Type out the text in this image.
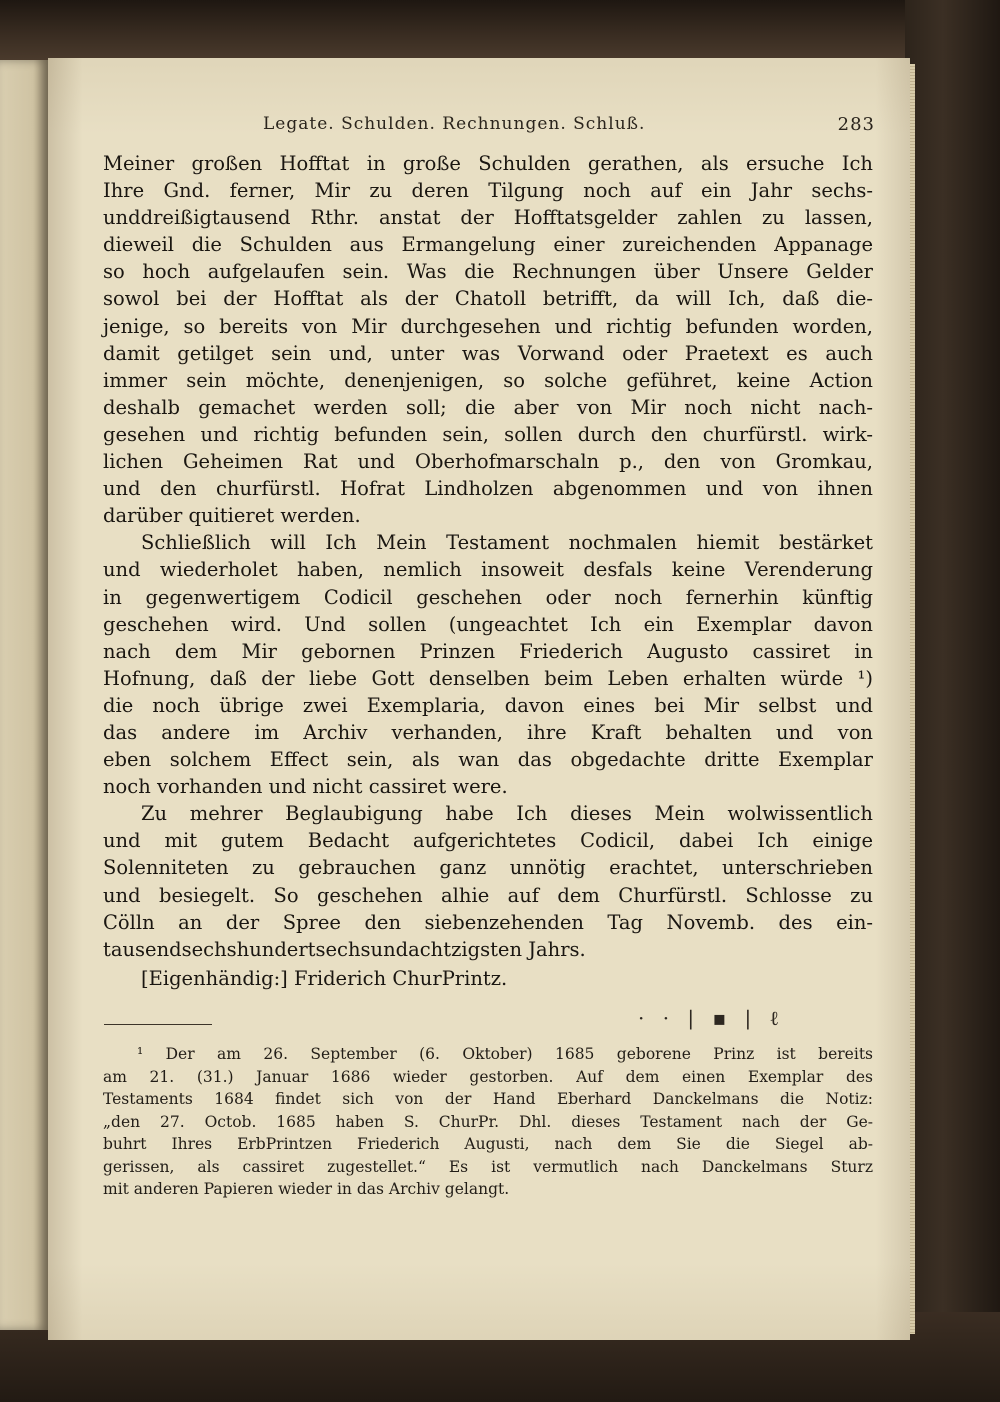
Legate. Schulden. Rechnungen. Schluß.	283
Meiner großen Hofftat in große Schulden gerathen, als ersuche Ich
Ihre Gnd. ferner, Mir zu deren Tilgung noch auf ein Jahr sechs-
unddreißigtausend Rthr. anstat der Hofftatsgelder zahlen zu lassen,
dieweil die Schulden aus Ermangelung einer zureichenden Appanage
so hoch aufgelaufen sein. Was die Rechnungen über Unsere Gelder
sowol bei der Hofftat als der Chatoll betrifft, da will Ich, daß die-
jenige, so bereits von Mir durchgesehen und richtig befunden worden,
damit getilget sein und, unter was Vorwand oder Praetext es auch
immer sein möchte, denenjenigen, so solche geführet, keine Action
deshalb gemachet werden soll; die aber von Mir noch nicht nach-
gesehen und richtig befunden sein, sollen durch den churfürstl. wirk-
lichen Geheimen Rat und Oberhofmarschaln p., den von Gromkau,
und den churfürstl. Hofrat Lindholzen abgenommen und von ihnen
darüber quitieret werden.
Schließlich will Ich Mein Testament nochmalen hiemit bestärket
und wiederholet haben, nemlich insoweit desfals keine Verenderung
in gegenwertigem Codicil geschehen oder noch fernerhin künftig
geschehen wird. Und sollen (ungeachtet Ich ein Exemplar davon
nach dem Mir gebornen Prinzen Friederich Augusto cassiret in
Hofnung, daß der liebe Gott denselben beim Leben erhalten würde ¹)
die noch übrige zwei Exemplaria, davon eines bei Mir selbst und
das andere im Archiv verhanden, ihre Kraft behalten und von
eben solchem Effect sein, als wan das obgedachte dritte Exemplar
noch vorhanden und nicht cassiret were.
Zu mehrer Beglaubigung habe Ich dieses Mein wolwissentlich
und mit gutem Bedacht aufgerichtetes Codicil, dabei Ich einige
Solenniteten zu gebrauchen ganz unnötig erachtet, unterschrieben
und besiegelt. So geschehen alhie auf dem Churfürstl. Schlosse zu
Cölln an der Spree den siebenzehenden Tag Novemb. des ein-
tausendsechshundertsechsundachtzigsten Jahrs.
[Eigenhändig:] Friderich ChurPrintz.
· · | ▪ | ℓ
¹ Der am 26. September (6. Oktober) 1685 geborene Prinz ist bereits
am 21. (31.) Januar 1686 wieder gestorben. Auf dem einen Exemplar des
Testaments 1684 findet sich von der Hand Eberhard Danckelmans die Notiz:
„den 27. Octob. 1685 haben S. ChurPr. Dhl. dieses Testament nach der Ge-
buhrt Ihres ErbPrintzen Friederich Augusti, nach dem Sie die Siegel ab-
gerissen, als cassiret zugestellet.“ Es ist vermutlich nach Danckelmans Sturz
mit anderen Papieren wieder in das Archiv gelangt.
